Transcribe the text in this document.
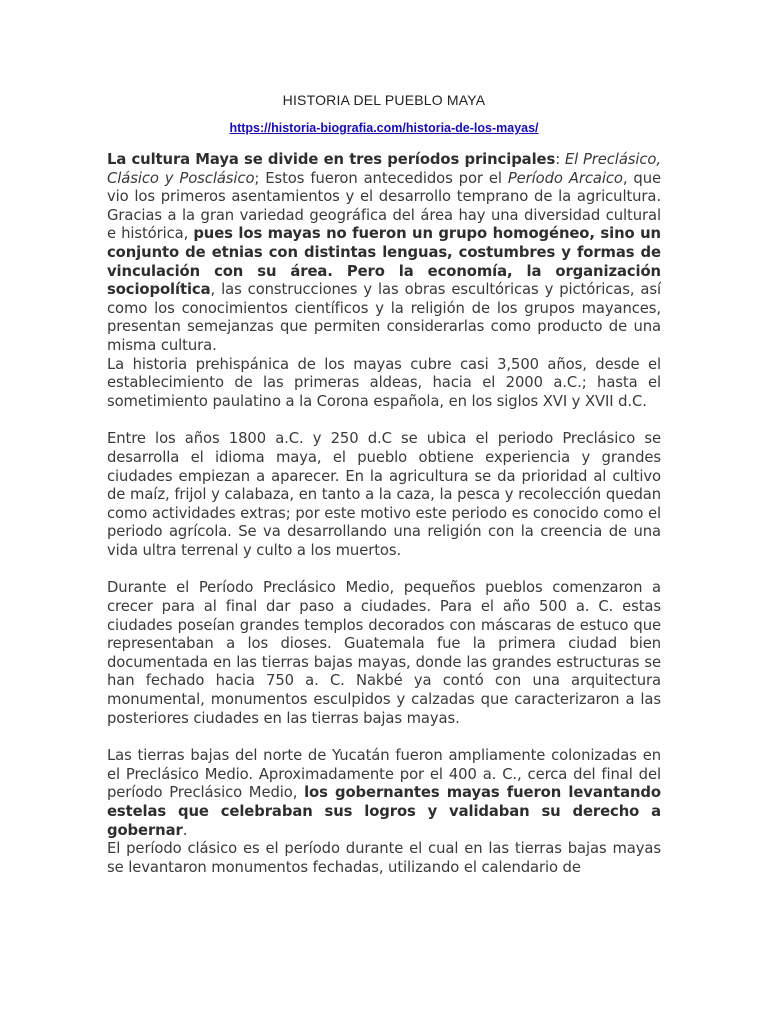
HISTORIA DEL PUEBLO MAYA
https://historia-biografia.com/historia-de-los-mayas/

La cultura Maya se divide en tres períodos principales: El Preclásico, Clásico y Posclásico; Estos fueron antecedidos por el Período Arcaico, que vio los primeros asentamientos y el desarrollo temprano de la agricultura. Gracias a la gran variedad geográfica del área hay una diversidad cultural e histórica, pues los mayas no fueron un grupo homogéneo, sino un conjunto de etnias con distintas lenguas, costumbres y formas de vinculación con su área. Pero la economía, la organización sociopolítica, las construcciones y las obras escultóricas y pictóricas, así como los conocimientos científicos y la religión de los grupos mayances, presentan semejanzas que permiten considerarlas como producto de una misma cultura.

La historia prehispánica de los mayas cubre casi 3,500 años, desde el establecimiento de las primeras aldeas, hacia el 2000 a.C.; hasta el sometimiento paulatino a la Corona española, en los siglos XVI y XVII d.C.

Entre los años 1800 a.C. y 250 d.C se ubica el periodo Preclásico se desarrolla el idioma maya, el pueblo obtiene experiencia y grandes ciudades empiezan a aparecer. En la agricultura se da prioridad al cultivo de maíz, frijol y calabaza, en tanto a la caza, la pesca y recolección quedan como actividades extras; por este motivo este periodo es conocido como el periodo agrícola. Se va desarrollando una religión con la creencia de una vida ultra terrenal y culto a los muertos.

Durante el Período Preclásico Medio, pequeños pueblos comenzaron a crecer para al final dar paso a ciudades. Para el año 500 a. C. estas ciudades poseían grandes templos decorados con máscaras de estuco que representaban a los dioses. Guatemala fue la primera ciudad bien documentada en las tierras bajas mayas, donde las grandes estructuras se han fechado hacia 750 a. C. Nakbé ya contó con una arquitectura monumental, monumentos esculpidos y calzadas que caracterizaron a las posteriores ciudades en las tierras bajas mayas.

Las tierras bajas del norte de Yucatán fueron ampliamente colonizadas en el Preclásico Medio. Aproximadamente por el 400 a. C., cerca del final del período Preclásico Medio, los gobernantes mayas fueron levantando estelas que celebraban sus logros y validaban su derecho a gobernar.

El período clásico es el período durante el cual en las tierras bajas mayas se levantaron monumentos fechadas, utilizando el calendario de
